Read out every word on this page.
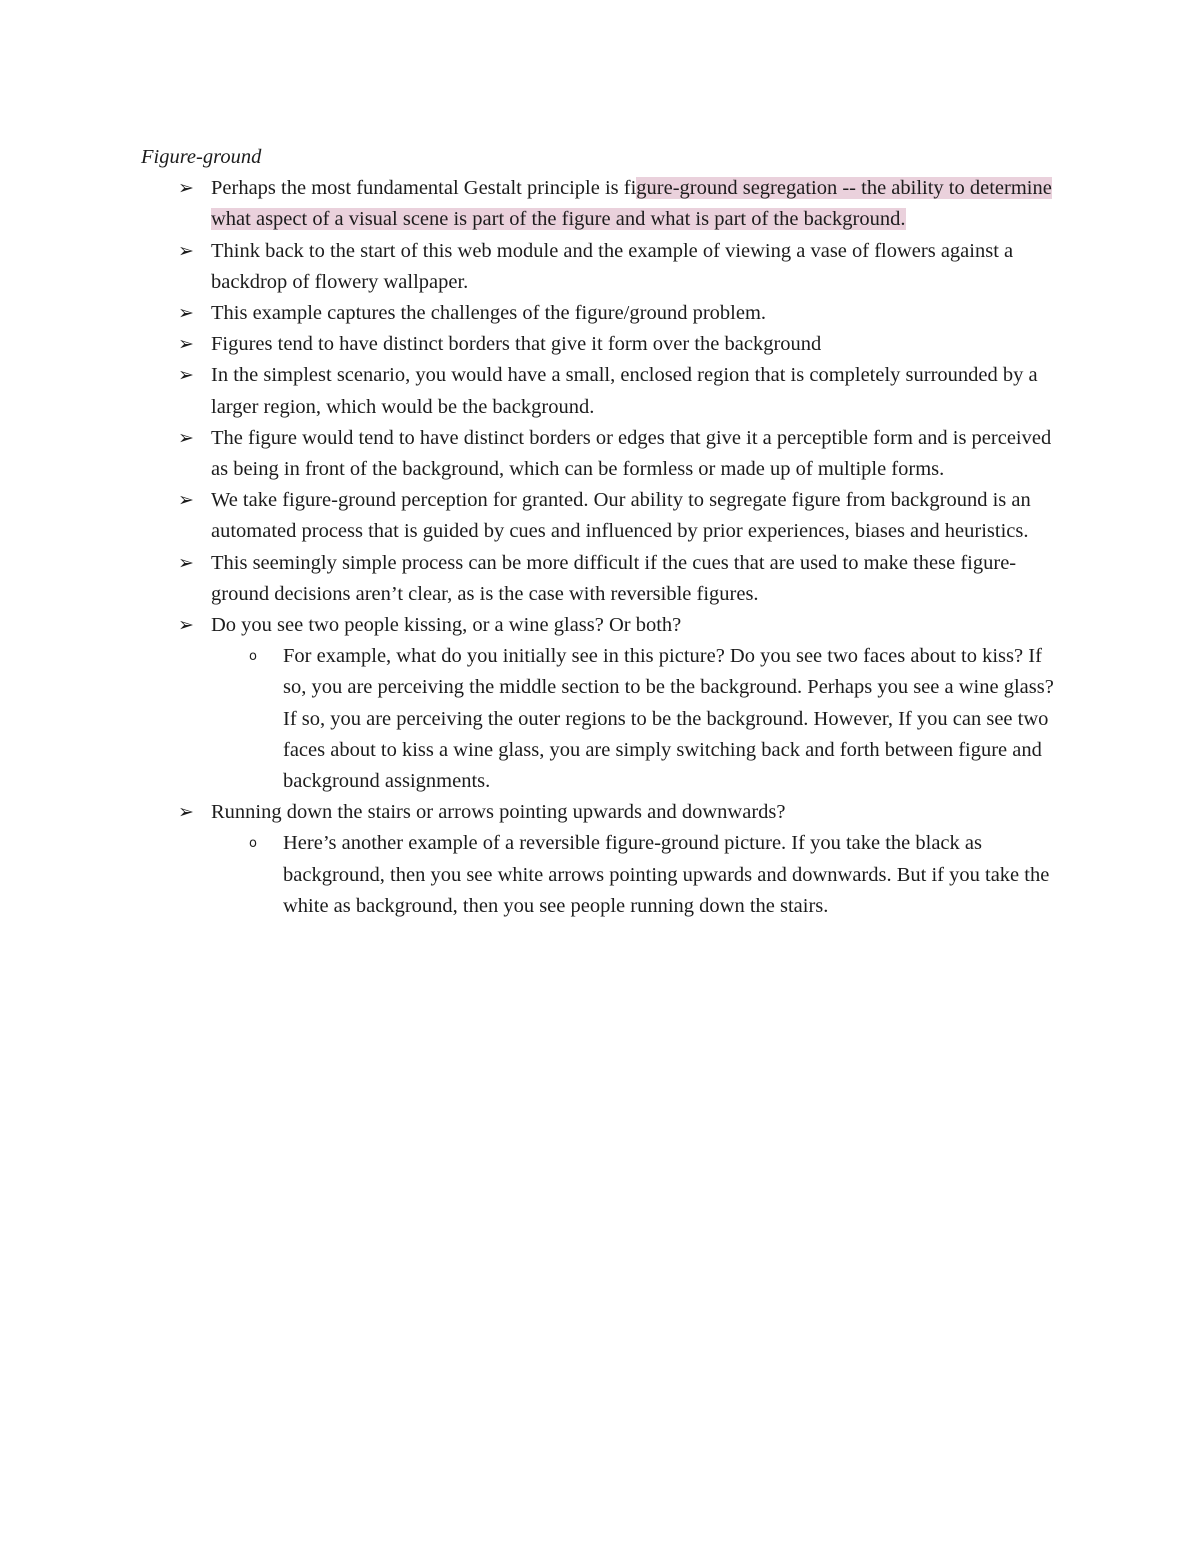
Figure-ground

➢ Perhaps the most fundamental Gestalt principle is figure-ground segregation -- the ability to determine what aspect of a visual scene is part of the figure and what is part of the background.
➢ Think back to the start of this web module and the example of viewing a vase of flowers against a backdrop of flowery wallpaper.
➢ This example captures the challenges of the figure/ground problem.
➢ Figures tend to have distinct borders that give it form over the background
➢ In the simplest scenario, you would have a small, enclosed region that is completely surrounded by a larger region, which would be the background.
➢ The figure would tend to have distinct borders or edges that give it a perceptible form and is perceived as being in front of the background, which can be formless or made up of multiple forms.
➢ We take figure-ground perception for granted. Our ability to segregate figure from background is an automated process that is guided by cues and influenced by prior experiences, biases and heuristics.
➢ This seemingly simple process can be more difficult if the cues that are used to make these figure-ground decisions aren’t clear, as is the case with reversible figures.
➢ Do you see two people kissing, or a wine glass? Or both?
o For example, what do you initially see in this picture? Do you see two faces about to kiss? If so, you are perceiving the middle section to be the background. Perhaps you see a wine glass? If so, you are perceiving the outer regions to be the background. However, If you can see two faces about to kiss a wine glass, you are simply switching back and forth between figure and background assignments.
➢ Running down the stairs or arrows pointing upwards and downwards?
o Here’s another example of a reversible figure-ground picture. If you take the black as background, then you see white arrows pointing upwards and downwards. But if you take the white as background, then you see people running down the stairs.
